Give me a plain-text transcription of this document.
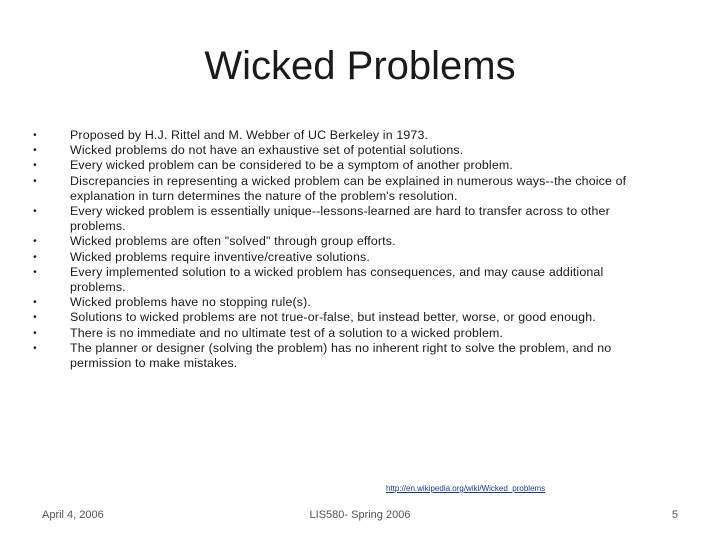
Wicked Problems
•	Proposed by H.J. Rittel and M. Webber of UC Berkeley in 1973.
•	Wicked problems do not have an exhaustive set of potential solutions.
•	Every wicked problem can be considered to be a symptom of another problem.
•	Discrepancies in representing a wicked problem can be explained in numerous ways--the choice of explanation in turn determines the nature of the problem's resolution.
•	Every wicked problem is essentially unique--lessons-learned are hard to transfer across to other problems.
•	Wicked problems are often "solved" through group efforts.
•	Wicked problems require inventive/creative solutions.
•	Every implemented solution to a wicked problem has consequences, and may cause additional problems.
•	Wicked problems have no stopping rule(s).
•	Solutions to wicked problems are not true-or-false, but instead better, worse, or good enough.
•	There is no immediate and no ultimate test of a solution to a wicked problem.
•	The planner or designer (solving the problem) has no inherent right to solve the problem, and no permission to make mistakes.
http://en.wikipedia.org/wiki/Wicked_problems
April 4, 2006	LIS580- Spring 2006	5
